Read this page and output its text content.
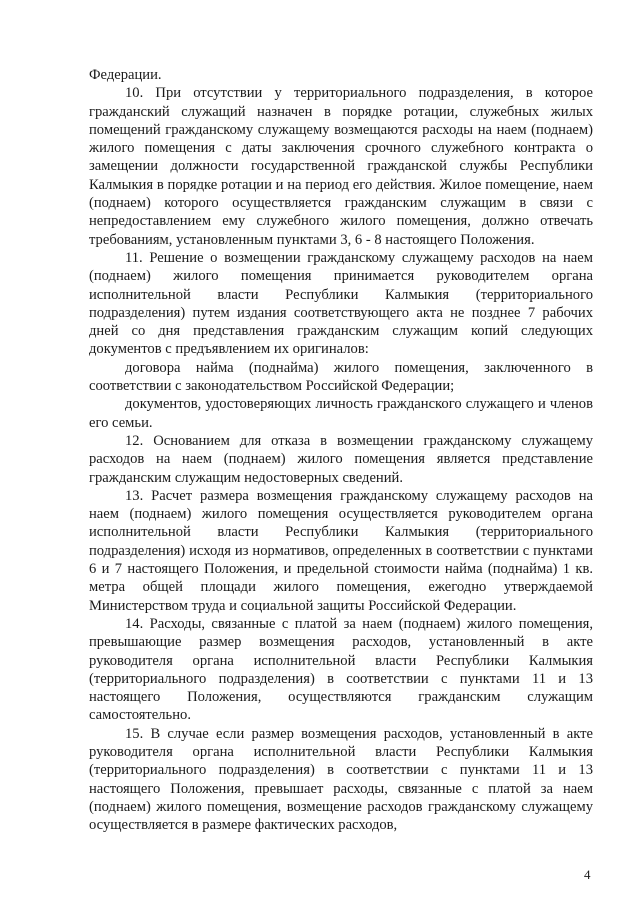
Федерации.

10. При отсутствии у территориального подразделения, в которое гражданский служащий назначен в порядке ротации, служебных жилых помещений гражданскому служащему возмещаются расходы на наем (поднаем) жилого помещения с даты заключения срочного служебного контракта о замещении должности государственной гражданской службы Республики Калмыкия в порядке ротации и на период его действия. Жилое помещение, наем (поднаем) которого осуществляется гражданским служащим в связи с непредоставлением ему служебного жилого помещения, должно отвечать требованиям, установленным пунктами 3, 6 - 8 настоящего Положения.

11. Решение о возмещении гражданскому служащему расходов на наем (поднаем) жилого помещения принимается руководителем органа исполнительной власти Республики Калмыкия (территориального подразделения) путем издания соответствующего акта не позднее 7 рабочих дней со дня представления гражданским служащим копий следующих документов с предъявлением их оригиналов:

договора найма (поднайма) жилого помещения, заключенного в соответствии с законодательством Российской Федерации;

документов, удостоверяющих личность гражданского служащего и членов его семьи.

12. Основанием для отказа в возмещении гражданскому служащему расходов на наем (поднаем) жилого помещения является представление гражданским служащим недостоверных сведений.

13. Расчет размера возмещения гражданскому служащему расходов на наем (поднаем) жилого помещения осуществляется руководителем органа исполнительной власти Республики Калмыкия (территориального подразделения) исходя из нормативов, определенных в соответствии с пунктами 6 и 7 настоящего Положения, и предельной стоимости найма (поднайма) 1 кв. метра общей площади жилого помещения, ежегодно утверждаемой Министерством труда и социальной защиты Российской Федерации.

14. Расходы, связанные с платой за наем (поднаем) жилого помещения, превышающие размер возмещения расходов, установленный в акте руководителя органа исполнительной власти Республики Калмыкия (территориального подразделения) в соответствии с пунктами 11 и 13 настоящего Положения, осуществляются гражданским служащим самостоятельно.

15. В случае если размер возмещения расходов, установленный в акте руководителя органа исполнительной власти Республики Калмыкия (территориального подразделения) в соответствии с пунктами 11 и 13 настоящего Положения, превышает расходы, связанные с платой за наем (поднаем) жилого помещения, возмещение расходов гражданскому служащему осуществляется в размере фактических расходов,

4
